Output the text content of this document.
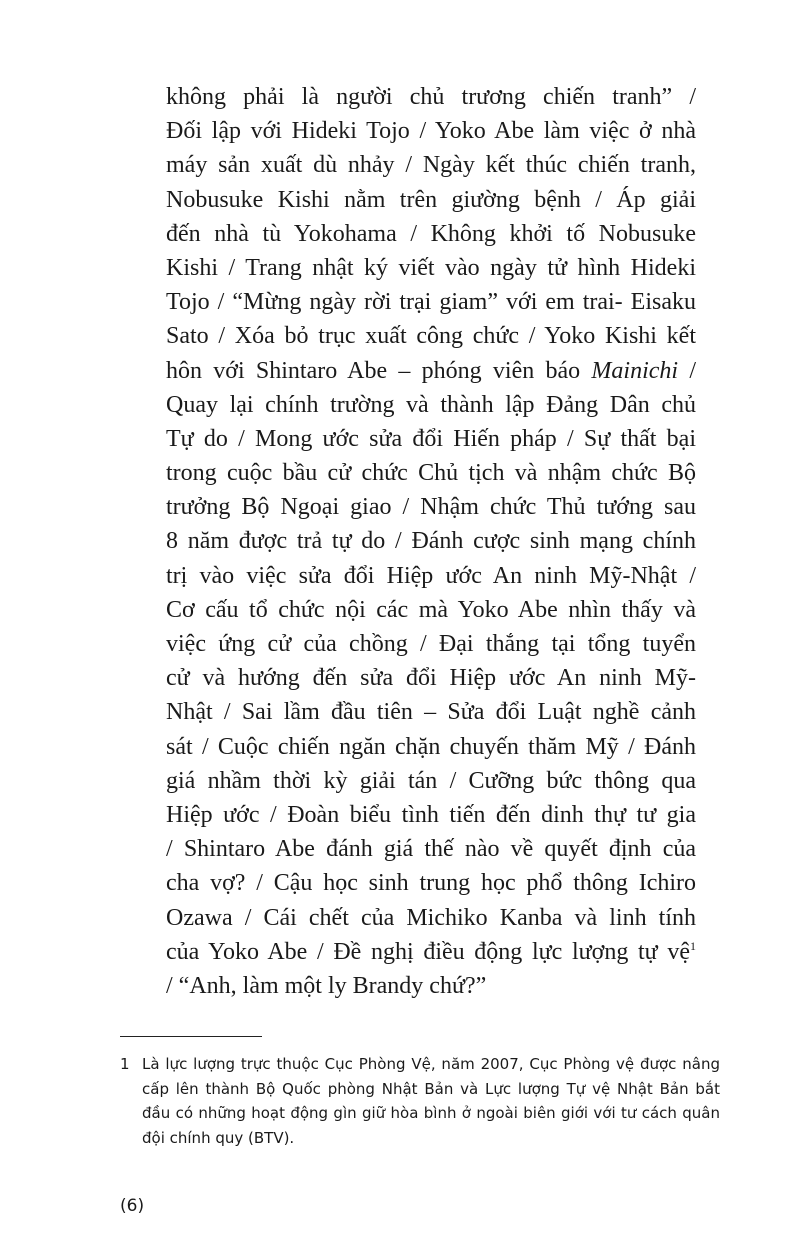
không phải là người chủ trương chiến tranh” /
Đối lập với Hideki Tojo / Yoko Abe làm việc ở nhà
máy sản xuất dù nhảy / Ngày kết thúc chiến tranh,
Nobusuke Kishi nằm trên giường bệnh / Áp giải
đến nhà tù Yokohama / Không khởi tố Nobusuke
Kishi / Trang nhật ký viết vào ngày tử hình Hideki
Tojo / “Mừng ngày rời trại giam” với em trai- Eisaku
Sato / Xóa bỏ trục xuất công chức / Yoko Kishi kết
hôn với Shintaro Abe – phóng viên báo Mainichi /
Quay lại chính trường và thành lập Đảng Dân chủ
Tự do / Mong ước sửa đổi Hiến pháp / Sự thất bại
trong cuộc bầu cử chức Chủ tịch và nhậm chức Bộ
trưởng Bộ Ngoại giao / Nhậm chức Thủ tướng sau
8 năm được trả tự do / Đánh cược sinh mạng chính
trị vào việc sửa đổi Hiệp ước An ninh Mỹ-Nhật /
Cơ cấu tổ chức nội các mà Yoko Abe nhìn thấy và
việc ứng cử của chồng / Đại thắng tại tổng tuyển
cử và hướng đến sửa đổi Hiệp ước An ninh Mỹ-
Nhật / Sai lầm đầu tiên – Sửa đổi Luật nghề cảnh
sát / Cuộc chiến ngăn chặn chuyến thăm Mỹ / Đánh
giá nhầm thời kỳ giải tán / Cưỡng bức thông qua
Hiệp ước / Đoàn biểu tình tiến đến dinh thự tư gia
/ Shintaro Abe đánh giá thế nào về quyết định của
cha vợ? / Cậu học sinh trung học phổ thông Ichiro
Ozawa / Cái chết của Michiko Kanba và linh tính
của Yoko Abe / Đề nghị điều động lực lượng tự vệ$^1$
/ “Anh, làm một ly Brandy chứ?”
1 Là lực lượng trực thuộc Cục Phòng Vệ, năm 2007, Cục Phòng vệ được nâng
cấp lên thành Bộ Quốc phòng Nhật Bản và Lực lượng Tự vệ Nhật Bản bắt
đầu có những hoạt động gìn giữ hòa bình ở ngoài biên giới với tư cách quân
đội chính quy (BTV).
(6)
